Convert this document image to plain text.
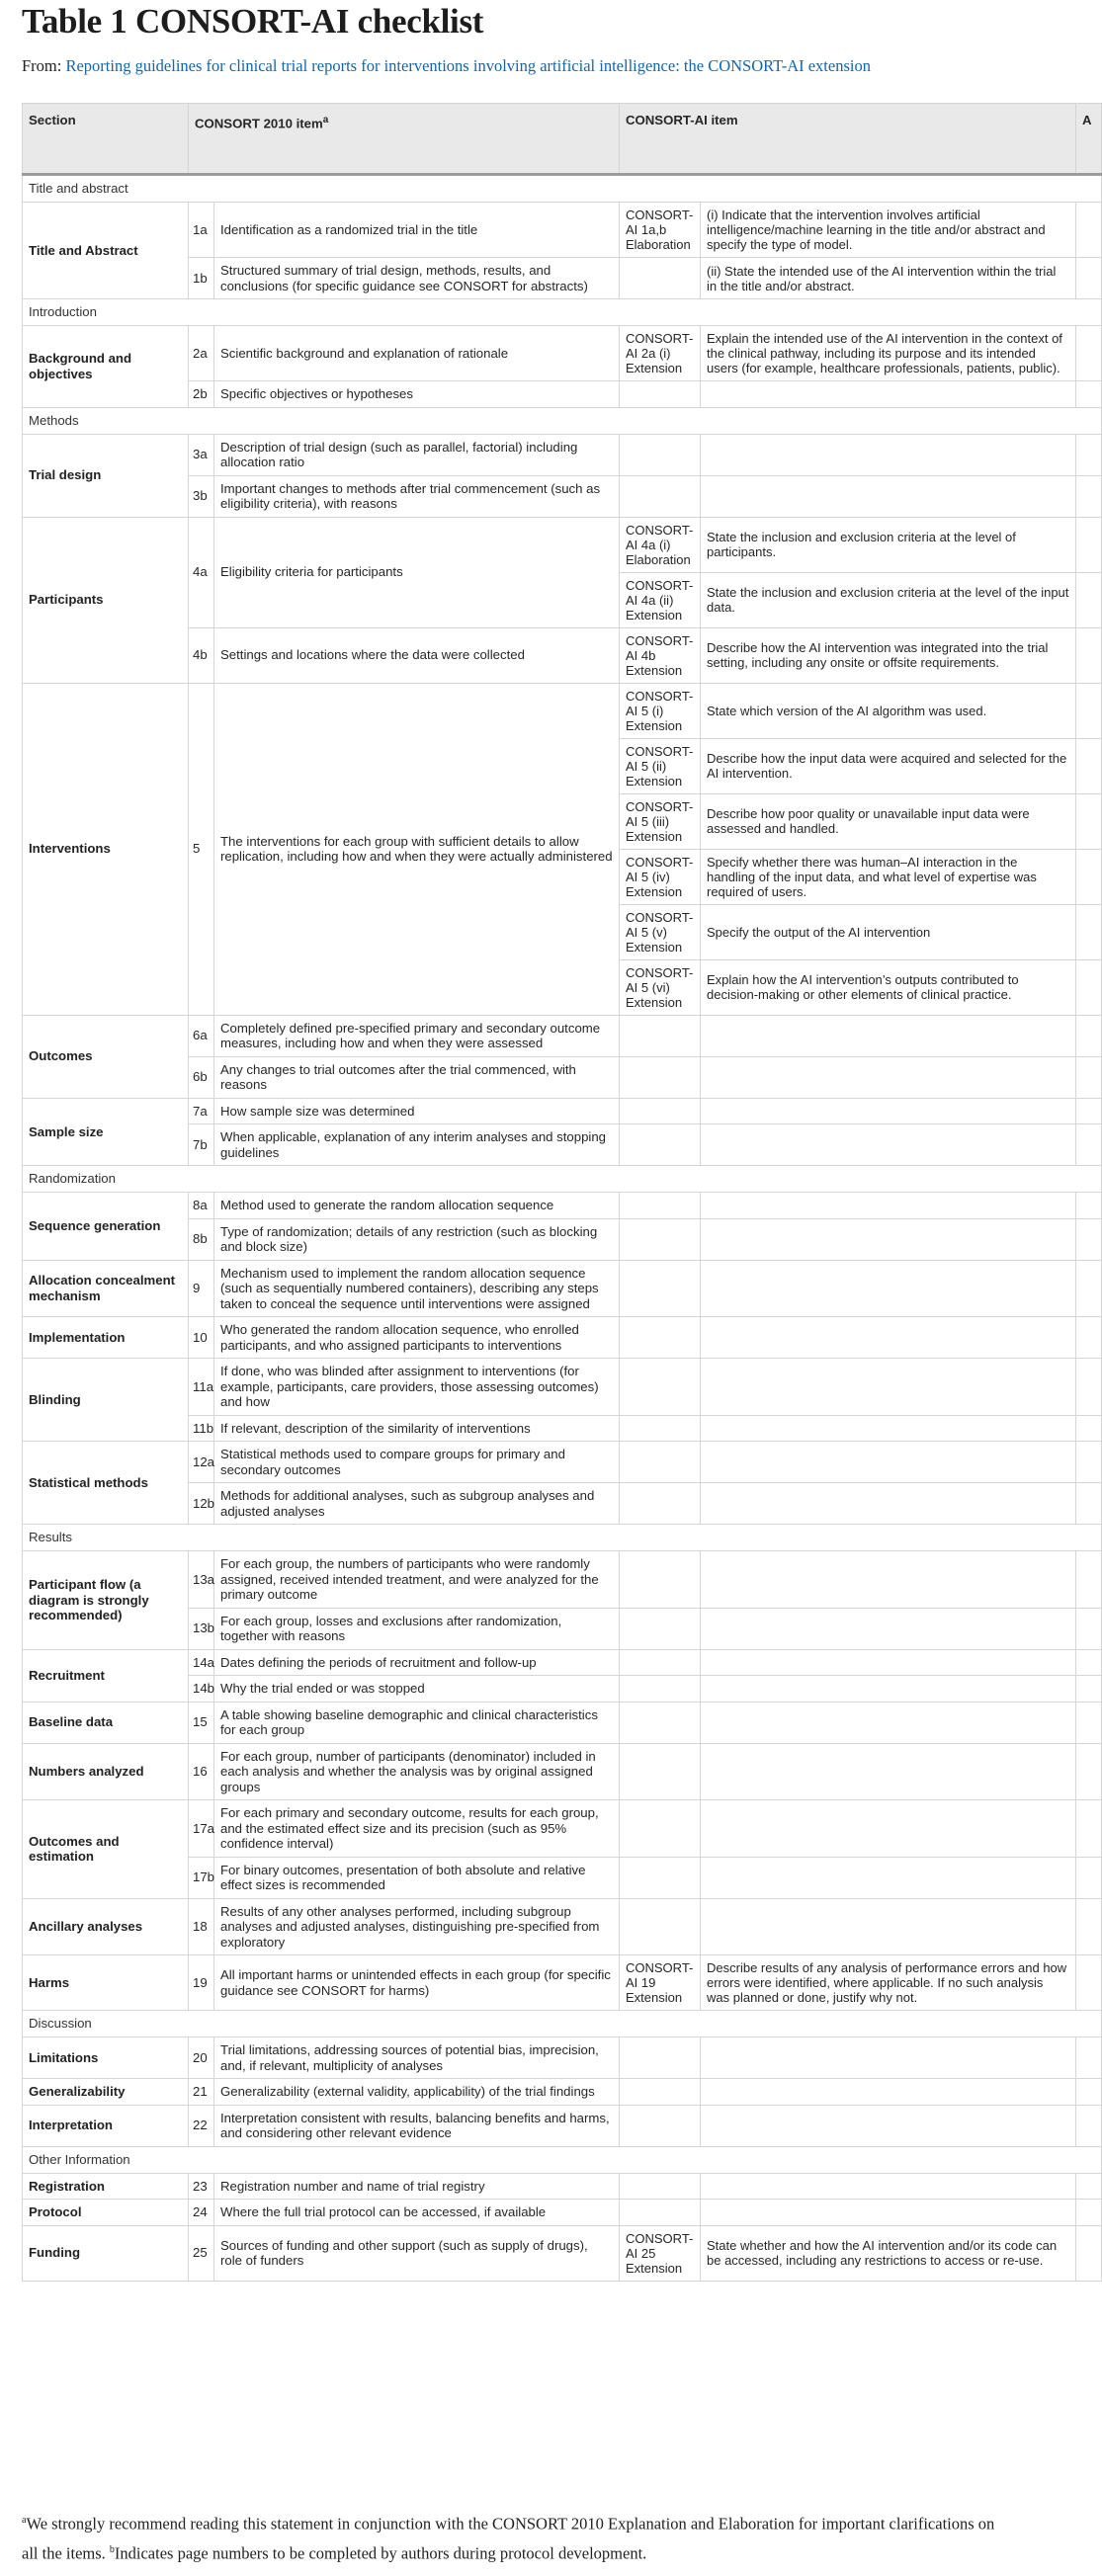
Table 1 CONSORT-AI checklist
From: Reporting guidelines for clinical trial reports for interventions involving artificial intelligence: the CONSORT-AI extension
Section	CONSORT 2010 item$^a$		CONSORT-AI item		A
Title and abstract					
Title and Abstract	1a	Identification as a randomized trial in the title	CONSORT-AI 1a,b Elaboration	(i) Indicate that the intervention involves artificial intelligence/machine learning in the title and/or abstract and specify the type of model.	
	1b	Structured summary of trial design, methods, results, and conclusions (for specific guidance see CONSORT for abstracts)		(ii) State the intended use of the AI intervention within the trial in the title and/or abstract.	
Introduction					
Background and objectives	2a	Scientific background and explanation of rationale	CONSORT-AI 2a (i) Extension	Explain the intended use of the AI intervention in the context of the clinical pathway, including its purpose and its intended users (for example, healthcare professionals, patients, public).	
	2b	Specific objectives or hypotheses			
Methods					
Trial design	3a	Description of trial design (such as parallel, factorial) including allocation ratio			
	3b	Important changes to methods after trial commencement (such as eligibility criteria), with reasons			
Participants	4a	Eligibility criteria for participants	CONSORT-AI 4a (i) Elaboration	State the inclusion and exclusion criteria at the level of participants.	
			CONSORT-AI 4a (ii) Extension	State the inclusion and exclusion criteria at the level of the input data.	
	4b	Settings and locations where the data were collected	CONSORT-AI 4b Extension	Describe how the AI intervention was integrated into the trial setting, including any onsite or offsite requirements.	
Interventions	5	The interventions for each group with sufficient details to allow replication, including how and when they were actually administered	CONSORT-AI 5 (i) Extension	State which version of the AI algorithm was used.	
			CONSORT-AI 5 (ii) Extension	Describe how the input data were acquired and selected for the AI intervention.	
			CONSORT-AI 5 (iii) Extension	Describe how poor quality or unavailable input data were assessed and handled.	
			CONSORT-AI 5 (iv) Extension	Specify whether there was human–AI interaction in the handling of the input data, and what level of expertise was required of users.	
			CONSORT-AI 5 (v) Extension	Specify the output of the AI intervention	
			CONSORT-AI 5 (vi) Extension	Explain how the AI intervention’s outputs contributed to decision-making or other elements of clinical practice.	
Outcomes	6a	Completely defined pre-specified primary and secondary outcome measures, including how and when they were assessed			
	6b	Any changes to trial outcomes after the trial commenced, with reasons			
Sample size	7a	How sample size was determined			
	7b	When applicable, explanation of any interim analyses and stopping guidelines			
Randomization					
Sequence generation	8a	Method used to generate the random allocation sequence			
	8b	Type of randomization; details of any restriction (such as blocking and block size)			
Allocation concealment mechanism	9	Mechanism used to implement the random allocation sequence (such as sequentially numbered containers), describing any steps taken to conceal the sequence until interventions were assigned			
Implementation	10	Who generated the random allocation sequence, who enrolled participants, and who assigned participants to interventions			
Blinding	11a	If done, who was blinded after assignment to interventions (for example, participants, care providers, those assessing outcomes) and how			
	11b	If relevant, description of the similarity of interventions			
Statistical methods	12a	Statistical methods used to compare groups for primary and secondary outcomes			
	12b	Methods for additional analyses, such as subgroup analyses and adjusted analyses			
Results					
Participant flow (a diagram is strongly recommended)	13a	For each group, the numbers of participants who were randomly assigned, received intended treatment, and were analyzed for the primary outcome			
	13b	For each group, losses and exclusions after randomization, together with reasons			
Recruitment	14a	Dates defining the periods of recruitment and follow-up			
	14b	Why the trial ended or was stopped			
Baseline data	15	A table showing baseline demographic and clinical characteristics for each group			
Numbers analyzed	16	For each group, number of participants (denominator) included in each analysis and whether the analysis was by original assigned groups			
Outcomes and estimation	17a	For each primary and secondary outcome, results for each group, and the estimated effect size and its precision (such as 95% confidence interval)			
	17b	For binary outcomes, presentation of both absolute and relative effect sizes is recommended			
Ancillary analyses	18	Results of any other analyses performed, including subgroup analyses and adjusted analyses, distinguishing pre-specified from exploratory			
Harms	19	All important harms or unintended effects in each group (for specific guidance see CONSORT for harms)	CONSORT-AI 19 Extension	Describe results of any analysis of performance errors and how errors were identified, where applicable. If no such analysis was planned or done, justify why not.	
Discussion					
Limitations	20	Trial limitations, addressing sources of potential bias, imprecision, and, if relevant, multiplicity of analyses			
Generalizability	21	Generalizability (external validity, applicability) of the trial findings			
Interpretation	22	Interpretation consistent with results, balancing benefits and harms, and considering other relevant evidence			
Other Information					
Registration	23	Registration number and name of trial registry			
Protocol	24	Where the full trial protocol can be accessed, if available			
Funding	25	Sources of funding and other support (such as supply of drugs), role of funders	CONSORT-AI 25 Extension	State whether and how the AI intervention and/or its code can be accessed, including any restrictions to access or re-use.	
$^a$We strongly recommend reading this statement in conjunction with the CONSORT 2010 Explanation and Elaboration for important clarifications on
all the items. $^b$Indicates page numbers to be completed by authors during protocol development.
